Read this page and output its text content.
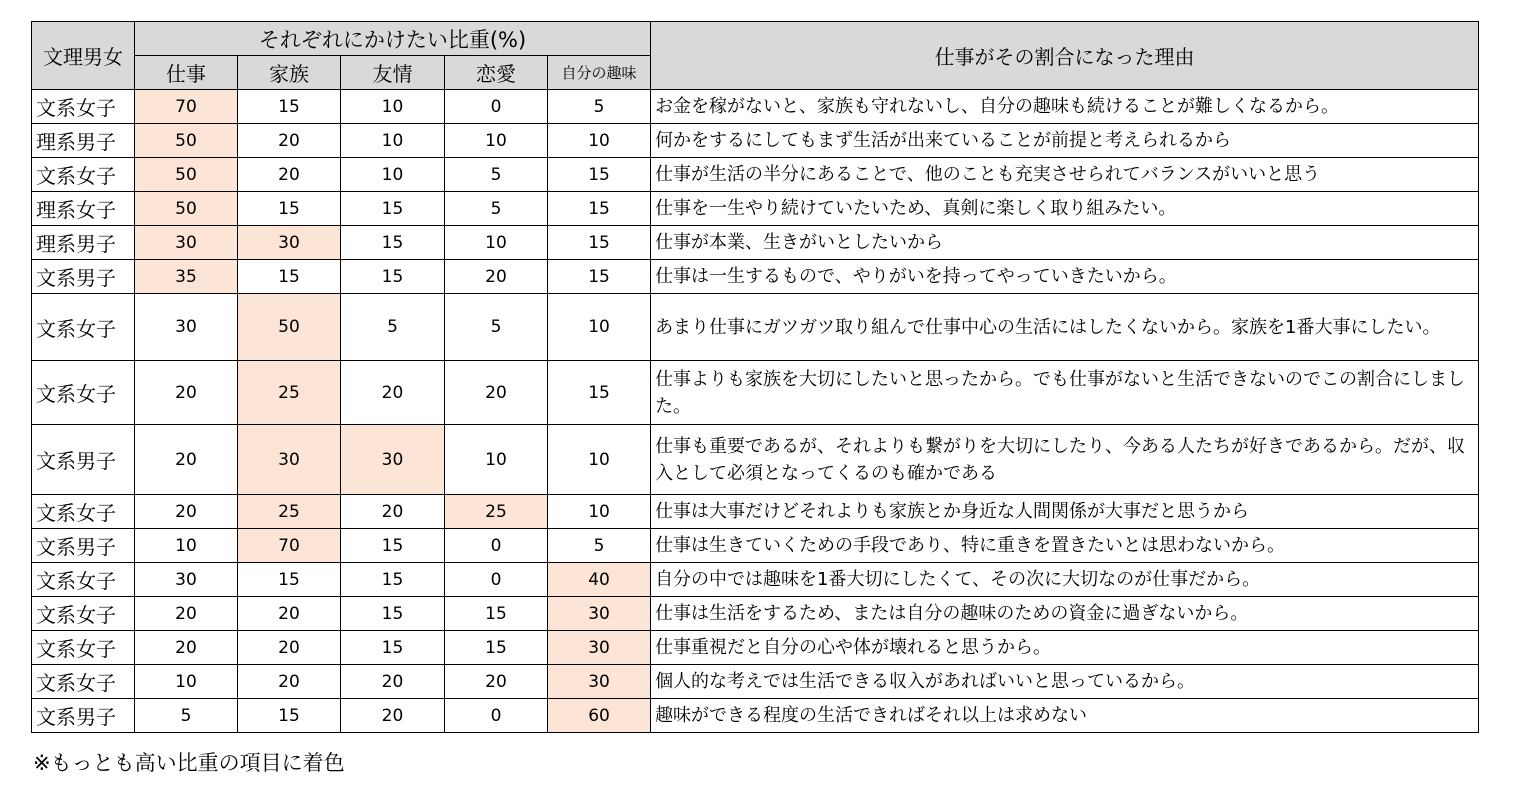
文理男女	それぞれにかけたい比重(%)					仕事がその割合になった理由
	仕事	家族	友情	恋愛	自分の趣味	
文系女子	70	15	10	0	5	お金を稼がないと、家族も守れないし、自分の趣味も続けることが難しくなるから。
理系男子	50	20	10	10	10	何かをするにしてもまず生活が出来ていることが前提と考えられるから
文系女子	50	20	10	5	15	仕事が生活の半分にあることで、他のことも充実させられてバランスがいいと思う
理系女子	50	15	15	5	15	仕事を一生やり続けていたいため、真剣に楽しく取り組みたい。
理系男子	30	30	15	10	15	仕事が本業、生きがいとしたいから
文系男子	35	15	15	20	15	仕事は一生するもので、やりがいを持ってやっていきたいから。
文系女子	30	50	5	5	10	あまり仕事にガツガツ取り組んで仕事中心の生活にはしたくないから。家族を1番大事にしたい。
文系女子	20	25	20	20	15	仕事よりも家族を大切にしたいと思ったから。でも仕事がないと生活できないのでこの割合にしました。
文系男子	20	30	30	10	10	仕事も重要であるが、それよりも繋がりを大切にしたり、今ある人たちが好きであるから。だが、収入として必須となってくるのも確かである
文系女子	20	25	20	25	10	仕事は大事だけどそれよりも家族とか身近な人間関係が大事だと思うから
文系男子	10	70	15	0	5	仕事は生きていくための手段であり、特に重きを置きたいとは思わないから。
文系女子	30	15	15	0	40	自分の中では趣味を1番大切にしたくて、その次に大切なのが仕事だから。
文系女子	20	20	15	15	30	仕事は生活をするため、または自分の趣味のための資金に過ぎないから。
文系女子	20	20	15	15	30	仕事重視だと自分の心や体が壊れると思うから。
文系女子	10	20	20	20	30	個人的な考えでは生活できる収入があればいいと思っているから。
文系男子	5	15	20	0	60	趣味ができる程度の生活できればそれ以上は求めない
※もっとも高い比重の項目に着色
